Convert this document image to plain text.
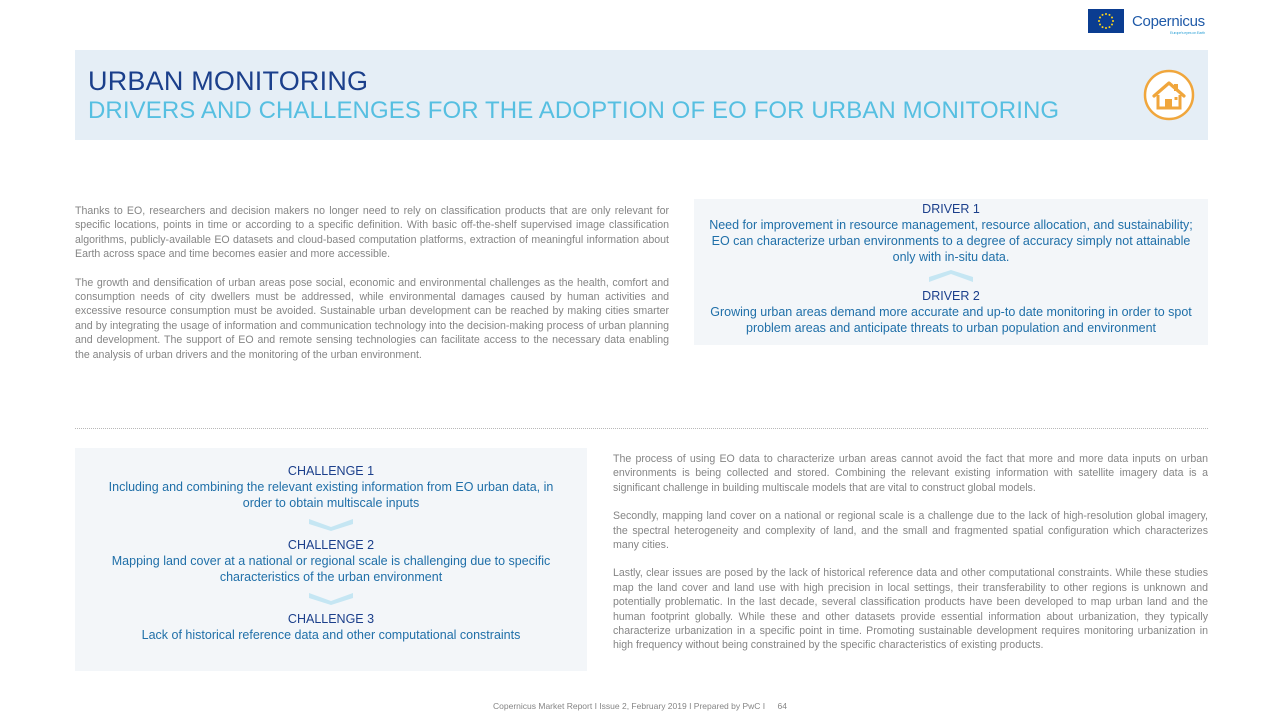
Copernicus
Europe's eyes on Earth
URBAN MONITORING
DRIVERS AND CHALLENGES FOR THE ADOPTION OF EO FOR URBAN MONITORING

Thanks to EO, researchers and decision makers no longer need to rely on classification products that are only relevant for specific locations, points in time or according to a specific definition. With basic off-the-shelf supervised image classification algorithms, publicly-available EO datasets and cloud-based computation platforms, extraction of meaningful information about Earth across space and time becomes easier and more accessible.

The growth and densification of urban areas pose social, economic and environmental challenges as the health, comfort and consumption needs of city dwellers must be addressed, while environmental damages caused by human activities and excessive resource consumption must be avoided. Sustainable urban development can be reached by making cities smarter and by integrating the usage of information and communication technology into the decision-making process of urban planning and development. The support of EO and remote sensing technologies can facilitate access to the necessary data enabling the analysis of urban drivers and the monitoring of the urban environment.

DRIVER 1
Need for improvement in resource management, resource allocation, and sustainability; EO can characterize urban environments to a degree of accuracy simply not attainable only with in-situ data.
DRIVER 2
Growing urban areas demand more accurate and up-to date monitoring in order to spot problem areas and anticipate threats to urban population and environment
CHALLENGE 1
Including and combining the relevant existing information from EO urban data, in order to obtain multiscale inputs
CHALLENGE 2
Mapping land cover at a national or regional scale is challenging due to specific characteristics of the urban environment
CHALLENGE 3
Lack of historical reference data and other computational constraints

The process of using EO data to characterize urban areas cannot avoid the fact that more and more data inputs on urban environments is being collected and stored. Combining the relevant existing information with satellite imagery data is a significant challenge in building multiscale models that are vital to construct global models.

Secondly, mapping land cover on a national or regional scale is a challenge due to the lack of high-resolution global imagery, the spectral heterogeneity and complexity of land, and the small and fragmented spatial configuration which characterizes many cities.

Lastly, clear issues are posed by the lack of historical reference data and other computational constraints. While these studies map the land cover and land use with high precision in local settings, their transferability to other regions is unknown and potentially problematic. In the last decade, several classification products have been developed to map urban land and the human footprint globally. While these and other datasets provide essential information about urbanization, they typically characterize urbanization in a specific point in time. Promoting sustainable development requires monitoring urbanization in high frequency without being constrained by the specific characteristics of existing products.

Copernicus Market Report I Issue 2, February 2019 I Prepared by PwC I 64
